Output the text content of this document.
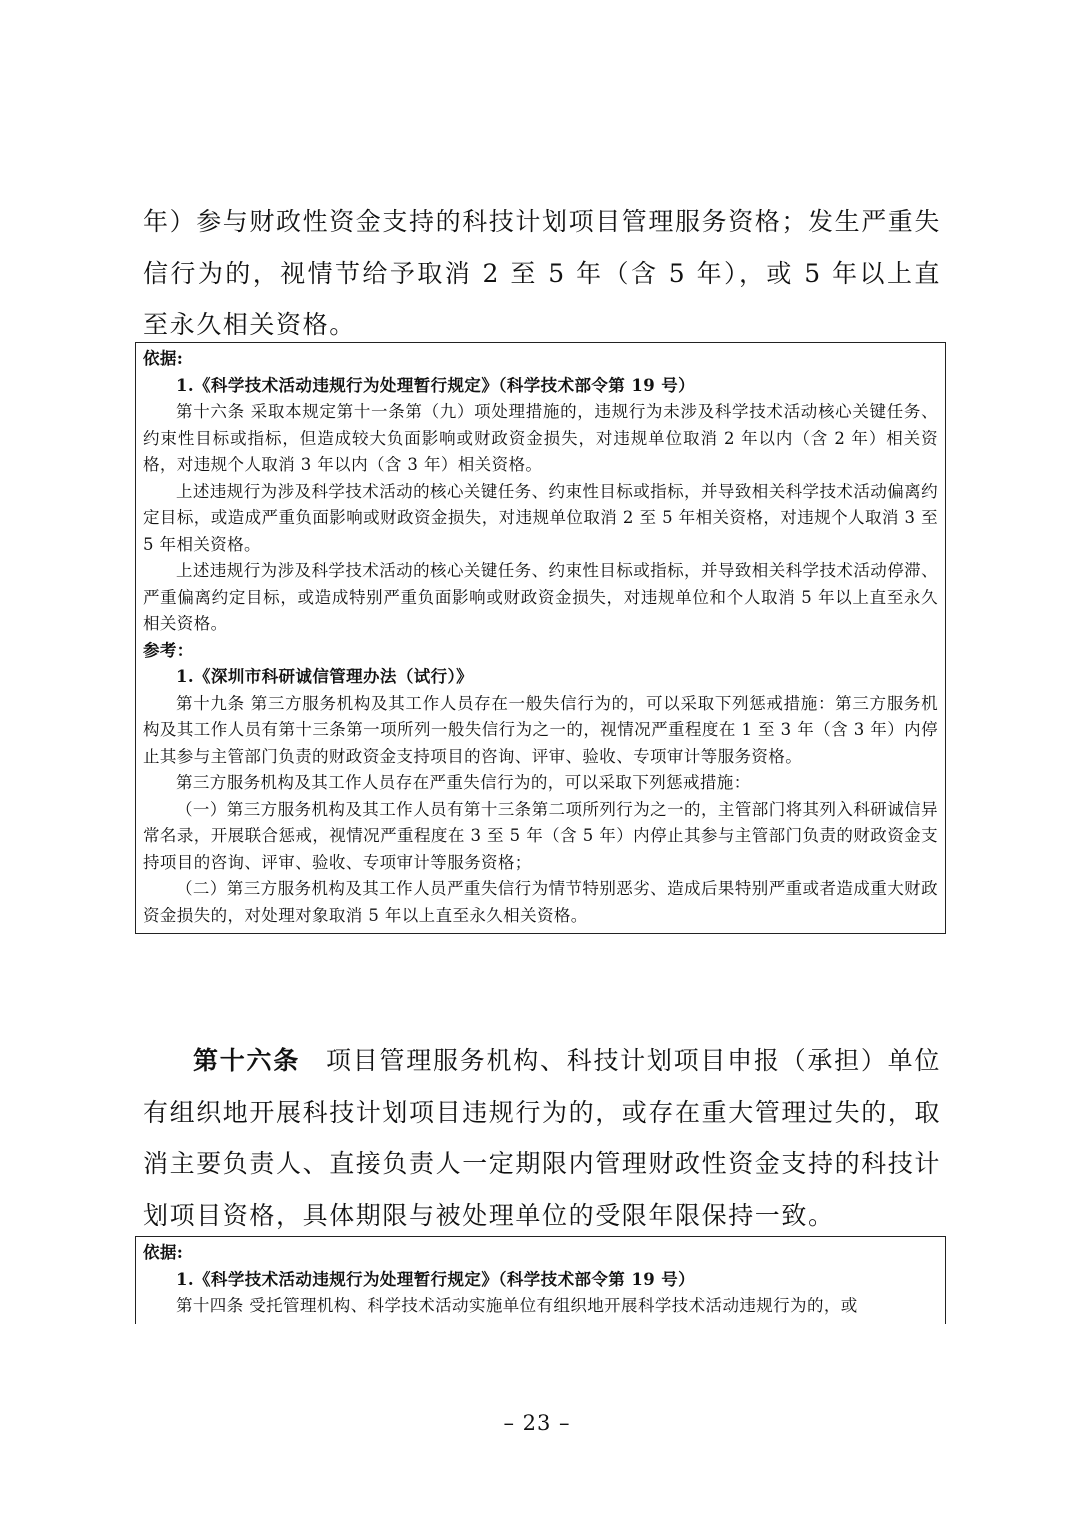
年）参与财政性资金支持的科技计划项目管理服务资格；发生严重失信行为的，视情节给予取消 2 至 5 年（含 5 年），或 5 年以上直至永久相关资格。

依据:

1.《科学技术活动违规行为处理暂行规定》（科学技术部令第 19 号）

第十六条 采取本规定第十一条第（九）项处理措施的，违规行为未涉及科学技术活动核心关键任务、约束性目标或指标，但造成较大负面影响或财政资金损失，对违规单位取消 2 年以内（含 2 年）相关资格，对违规个人取消 3 年以内（含 3 年）相关资格。

上述违规行为涉及科学技术活动的核心关键任务、约束性目标或指标，并导致相关科学技术活动偏离约定目标，或造成严重负面影响或财政资金损失，对违规单位取消 2 至 5 年相关资格，对违规个人取消 3 至 5 年相关资格。

上述违规行为涉及科学技术活动的核心关键任务、约束性目标或指标，并导致相关科学技术活动停滞、严重偏离约定目标，或造成特别严重负面影响或财政资金损失，对违规单位和个人取消 5 年以上直至永久相关资格。

参考：

1.《深圳市科研诚信管理办法（试行）》

第十九条 第三方服务机构及其工作人员存在一般失信行为的，可以采取下列惩戒措施：第三方服务机构及其工作人员有第十三条第一项所列一般失信行为之一的，视情况严重程度在 1 至 3 年（含 3 年）内停止其参与主管部门负责的财政资金支持项目的咨询、评审、验收、专项审计等服务资格。

第三方服务机构及其工作人员存在严重失信行为的，可以采取下列惩戒措施：

（一）第三方服务机构及其工作人员有第十三条第二项所列行为之一的，主管部门将其列入科研诚信异常名录，开展联合惩戒，视情况严重程度在 3 至 5 年（含 5 年）内停止其参与主管部门负责的财政资金支持项目的咨询、评审、验收、专项审计等服务资格；

（二）第三方服务机构及其工作人员严重失信行为情节特别恶劣、造成后果特别严重或者造成重大财政资金损失的，对处理对象取消 5 年以上直至永久相关资格。

第十六条 项目管理服务机构、科技计划项目申报（承担）单位有组织地开展科技计划项目违规行为的，或存在重大管理过失的，取消主要负责人、直接负责人一定期限内管理财政性资金支持的科技计划项目资格，具体期限与被处理单位的受限年限保持一致。

依据:

1.《科学技术活动违规行为处理暂行规定》（科学技术部令第 19 号）

第十四条 受托管理机构、科学技术活动实施单位有组织地开展科学技术活动违规行为的，或

– 23 –
